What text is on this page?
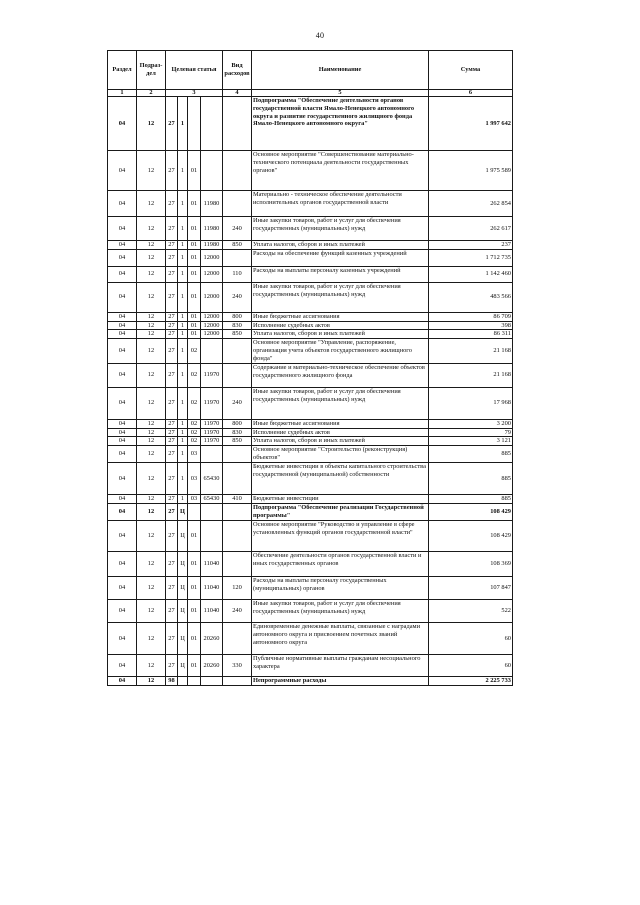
40
Раздел	Подраз-дел	Целевая статья				Вид расходов	Наименование	Сумма
1	2	3				4	5	6
04	12	27	1				Подпрограмма "Обеспечение деятельности органов государственной власти Ямало-Ненецкого автономного округа и развитие государственного жилищного фонда Ямало-Ненецкого автономного округа"	1 997 642
04	12	27	1	01			Основное мероприятие "Совершенствование материально-технического потенциала деятельности государственных органов"	1 975 589
04	12	27	1	01	11980		Материально - техническое обеспечение деятельности исполнительных органов государственной власти	262 854
04	12	27	1	01	11980	240	Иные закупки товаров, работ и услуг для обеспечения государственных (муниципальных) нужд	262 617
04	12	27	1	01	11980	850	Уплата налогов, сборов и иных платежей	237
04	12	27	1	01	12000		Расходы на обеспечение функций казенных учреждений	1 712 735
04	12	27	1	01	12000	110	Расходы на выплаты персоналу казенных учреждений	1 142 460
04	12	27	1	01	12000	240	Иные закупки товаров, работ и услуг для обеспечения государственных (муниципальных) нужд	483 566
04	12	27	1	01	12000	800	Иные бюджетные ассигнования	86 709
04	12	27	1	01	12000	830	Исполнение судебных актов	398
04	12	27	1	01	12000	850	Уплата налогов, сборов и иных платежей	86 311
04	12	27	1	02			Основное мероприятие "Управление, распоряжение, организация учета объектов государственного жилищного фонда"	21 168
04	12	27	1	02	11970		Содержание и материально-техническое обеспечение объектов государственного жилищного фонда	21 168
04	12	27	1	02	11970	240	Иные закупки товаров, работ и услуг для обеспечения государственных (муниципальных) нужд	17 968
04	12	27	1	02	11970	800	Иные бюджетные ассигнования	3 200
04	12	27	1	02	11970	830	Исполнение судебных актов	79
04	12	27	1	02	11970	850	Уплата налогов, сборов и иных платежей	3 121
04	12	27	1	03			Основное мероприятие "Строительство (реконструкция) объектов"	885
04	12	27	1	03	65430		Бюджетные инвестиции в объекты капитального строительства государственной (муниципальной) собственности	885
04	12	27	1	03	65430	410	Бюджетные инвестиции	885
04	12	27	Ц				Подпрограмма "Обеспечение реализации Государственной программы"	108 429
04	12	27	Ц	01			Основное мероприятие "Руководство и управление в сфере установленных функций органов государственной власти"	108 429
04	12	27	Ц	01	11040		Обеспечение деятельности органов государственной власти и иных государственных органов	108 369
04	12	27	Ц	01	11040	120	Расходы на выплаты персоналу государственных (муниципальных) органов	107 847
04	12	27	Ц	01	11040	240	Иные закупки товаров, работ и услуг для обеспечения государственных (муниципальных) нужд	522
04	12	27	Ц	01	20260		Единовременные денежные выплаты, связанные с наградами автономного округа и присвоением почетных званий автономного округа	60
04	12	27	Ц	01	20260	330	Публичные нормативные выплаты гражданам несоциального характера	60
04	12	98					Непрограммные расходы	2 225 733
